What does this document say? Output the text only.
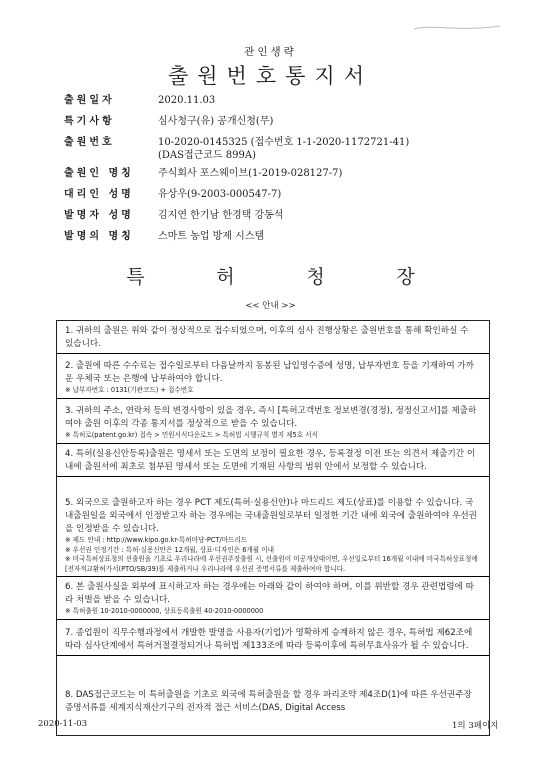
관인생략
출원번호통지서
출원일자	2020.11.03
특기사항	심사청구(유) 공개신청(무)
출원번호	10-2020-0145325 (접수번호 1-1-2020-1172721-41)
(DAS접근코드 899A)
출원인 명칭	주식회사 포스웨이브(1-2019-028127-7)
대리인 성명	유상우(9-2003-000547-7)
발명자 성명	김지연 한기남 한경택 강동석
발명의 명칭	스마트 농업 방제 시스템
특	허	청	장
<< 안내 >>

1. 귀하의 출원은 위와 같이 정상적으로 접수되었으며, 이후의 심사 진행상황은 출원번호를 통해 확인하실 수 있습니다.

2. 출원에 따른 수수료는 접수일로부터 다음날까지 동봉된 납입영수증에 성명, 납부자번호 등을 기재하여 가까운 우체국 또는 은행에 납부하여야 합니다.
※ 납부자번호 : 0131(기관코드) + 접수번호

3. 귀하의 주소, 연락처 등의 변경사항이 있을 경우, 즉시 [특허고객번호 정보변경(경정), 정정신고서]를 제출하여야 출원 이후의 각종 통지서를 정상적으로 받을 수 있습니다.
※ 특허로(patent.go.kr) 접속 > 민원서식다운로드 > 특허법 시행규칙 별지 제5호 서식

4. 특허(실용신안등록)출원은 명세서 또는 도면의 보정이 필요한 경우, 등록결정 이전 또는 의견서 제출기간 이내에 출원서에 최초로 첨부된 명세서 또는 도면에 기재된 사항의 범위 안에서 보정할 수 있습니다.

5. 외국으로 출원하고자 하는 경우 PCT 제도(특허·실용신안)나 마드리드 제도(상표)를 이용할 수 있습니다. 국내출원일을 외국에서 인정받고자 하는 경우에는 국내출원일로부터 일정한 기간 내에 외국에 출원하여야 우선권을 인정받을 수 있습니다.
※ 제도 안내 : http://www.kipo.go.kr-특허마당-PCT/마드리드
※ 우선권 인정기간 : 특허·실용신안은 12개월, 상표·디자인은 6개월 이내
※ 미국특허상표청의 선출원을 기초로 우리나라에 우선권주장출원 시, 선출원이 미공개상태이면, 우선일로부터 16개월 이내에 미국특허상표청에 [전자적교환허가서(PTO/SB/39)를 제출하거나 우리나라에 우선권 증명서류를 제출하여야 합니다.

6. 본 출원사실을 외부에 표시하고자 하는 경우에는 아래와 같이 하여야 하며, 이를 위반할 경우 관련법령에 따라 처벌을 받을 수 있습니다.
※ 특허출원 10-2010-0000000, 상표등록출원 40-2010-0000000

7. 종업원이 직무수행과정에서 개발한 발명을 사용자(기업)가 명확하게 승계하지 않은 경우, 특허법 제62조에 따라 심사단계에서 특허거절결정되거나 특허법 제133조에 따라 등록이후에 특허무효사유가 될 수 있습니다.

8. DAS접근코드는 이 특허출원을 기초로 외국에 특허출원을 할 경우 파리조약 제4조D(1)에 따른 우선권주장 증명서류를 세계지식재산기구의 전자적 접근 서비스(DAS, Digital Access

2020-11-03	1의 3페이지
